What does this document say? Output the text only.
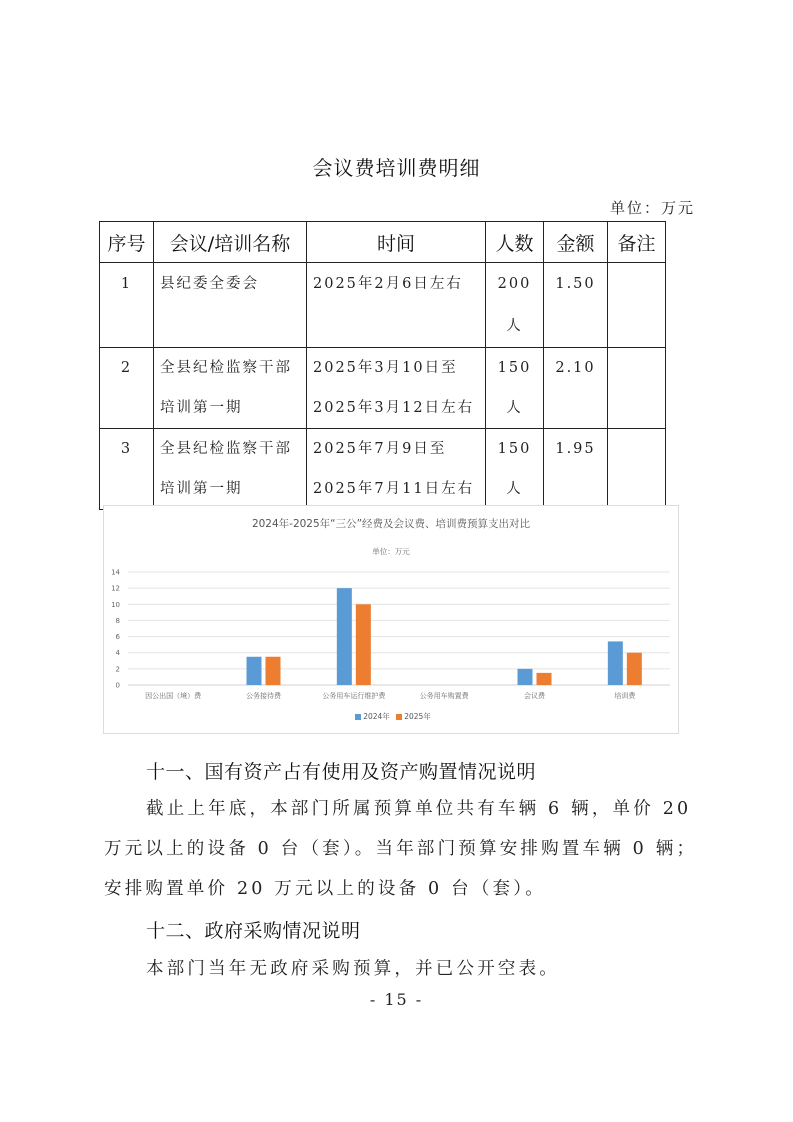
会议费培训费明细
单位：万元
序号	会议/培训名称	时间	人数	金额	备注
1	县纪委全委会	2025年2月6日左右	200人	1.50	
2	全县纪检监察干部培训第一期	2025年3月10日至2025年3月12日左右	150人	2.10	
3	全县纪检监察干部培训第一期	2025年7月9日至2025年7月11日左右	150人	1.95	
2024年-2025年“三公”经费及会议费、培训费预算支出对比
单位：万元
0
2
4
6
8
10
12
14
因公出国（境）费	公务接待费	公务用车运行维护费	公务用车购置费	会议费	培训费
2024年 2025年
十一、国有资产占有使用及资产购置情况说明
截止上年底，本部门所属预算单位共有车辆 6 辆，单价 20
万元以上的设备 0 台（套）。当年部门预算安排购置车辆 0 辆；
安排购置单价 20 万元以上的设备 0 台（套）。
十二、政府采购情况说明
本部门当年无政府采购预算，并已公开空表。
- 15 -
